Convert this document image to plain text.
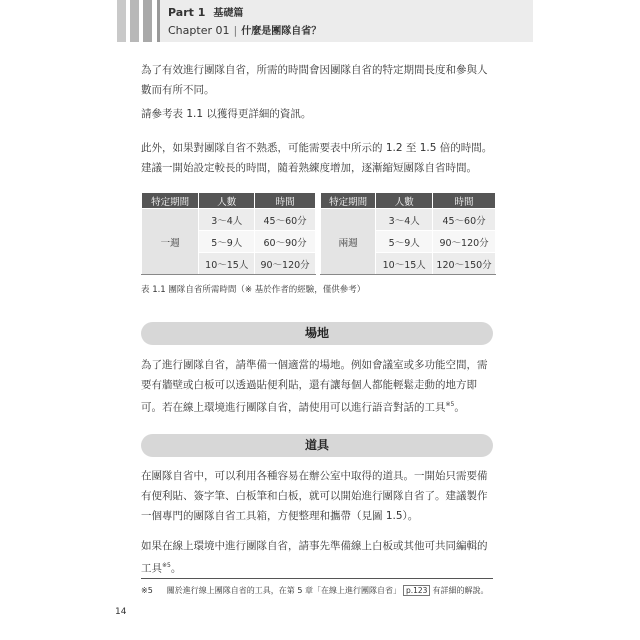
Part 1 基礎篇
Chapter 01 | 什麼是團隊自省？

為了有效進行團隊自省，所需的時間會因團隊自省的特定期間長度和參與人

數而有所不同。

請參考表 1.1 以獲得更詳細的資訊。

此外，如果對團隊自省不熟悉，可能需要表中所示的 1.2 至 1.5 倍的時間。

建議一開始設定較長的時間，隨着熟練度增加，逐漸縮短團隊自省時間。

特定期間	人數	時間
一週	3～4人	45～60分
	5～9人	60～90分
	10～15人	90～120分
特定期間	人數	時間
兩週	3～4人	45～60分
	5～9人	90～120分
	10～15人	120～150分
表 1.1 團隊自省所需時間（※ 基於作者的經驗，僅供參考）
場地

為了進行團隊自省，請準備一個適當的場地。例如會議室或多功能空間，需

要有牆壁或白板可以透過貼便利貼，還有讓每個人都能輕鬆走動的地方即

可。若在線上環境進行團隊自省，請使用可以進行語音對話的工具$^{※5}$。

道具

在團隊自省中，可以利用各種容易在辦公室中取得的道具。一開始只需要備

有便利貼、簽字筆、白板筆和白板，就可以開始進行團隊自省了。建議製作

一個專門的團隊自省工具箱，方便整理和攜帶（見圖 1.5）。

如果在線上環境中進行團隊自省，請事先準備線上白板或其他可共同編輯的

工具$^{※5}$。

※5 關於進行線上團隊自省的工具，在第 5 章「在線上進行團隊自省」 p.123 有詳細的解說。
14
